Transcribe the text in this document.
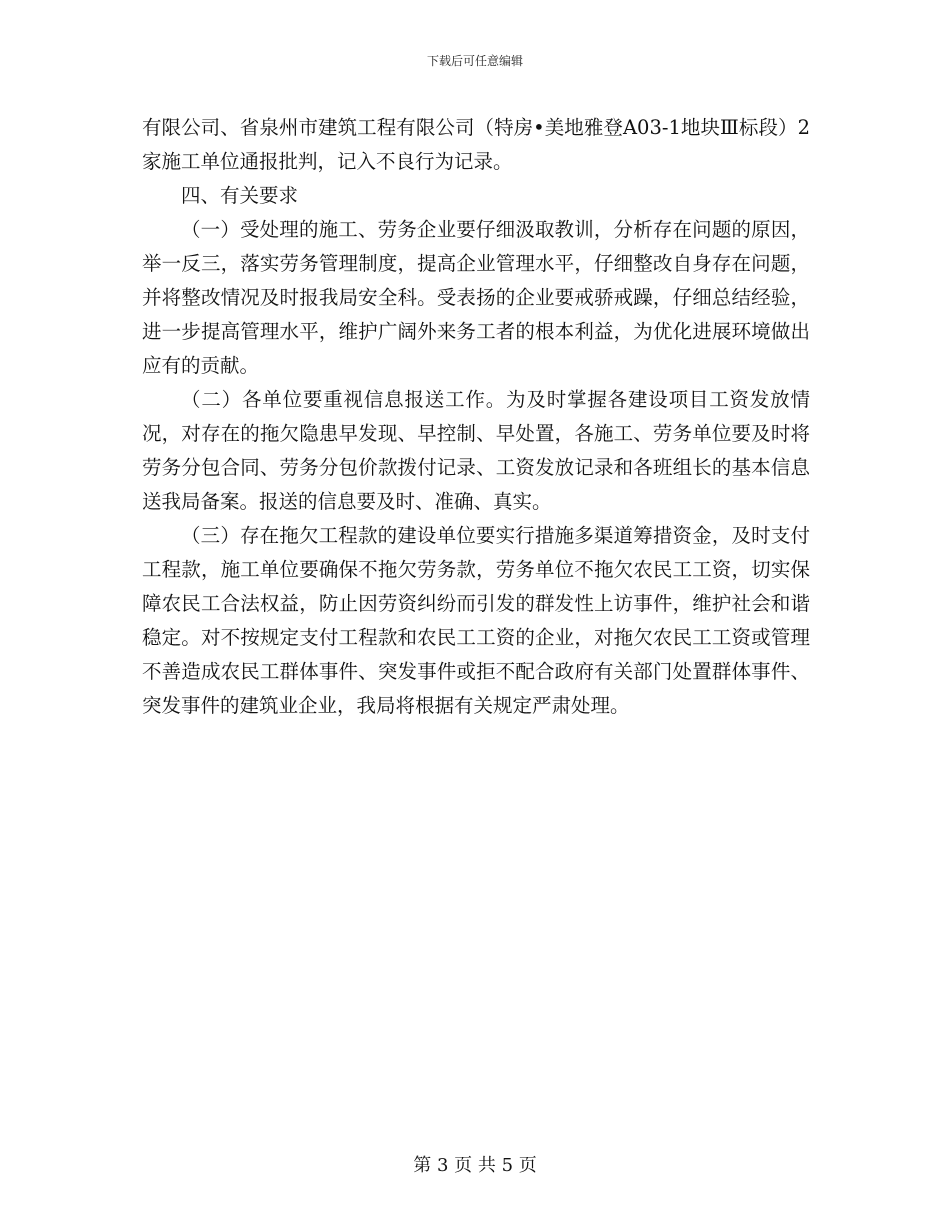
下载后可任意编辑

有限公司、省泉州市建筑工程有限公司（特房•美地雅登A03-1地块Ⅲ标段）2家施工单位通报批判，记入不良行为记录。

四、有关要求

（一）受处理的施工、劳务企业要仔细汲取教训，分析存在问题的原因，举一反三，落实劳务管理制度，提高企业管理水平，仔细整改自身存在问题，并将整改情况及时报我局安全科。受表扬的企业要戒骄戒躁，仔细总结经验，进一步提高管理水平，维护广阔外来务工者的根本利益，为优化进展环境做出应有的贡献。

（二）各单位要重视信息报送工作。为及时掌握各建设项目工资发放情况，对存在的拖欠隐患早发现、早控制、早处置，各施工、劳务单位要及时将劳务分包合同、劳务分包价款拨付记录、工资发放记录和各班组长的基本信息送我局备案。报送的信息要及时、准确、真实。

（三）存在拖欠工程款的建设单位要实行措施多渠道筹措资金，及时支付工程款，施工单位要确保不拖欠劳务款，劳务单位不拖欠农民工工资，切实保障农民工合法权益，防止因劳资纠纷而引发的群发性上访事件，维护社会和谐稳定。对不按规定支付工程款和农民工工资的企业，对拖欠农民工工资或管理不善造成农民工群体事件、突发事件或拒不配合政府有关部门处置群体事件、突发事件的建筑业企业，我局将根据有关规定严肃处理。

第 3 页 共 5 页
